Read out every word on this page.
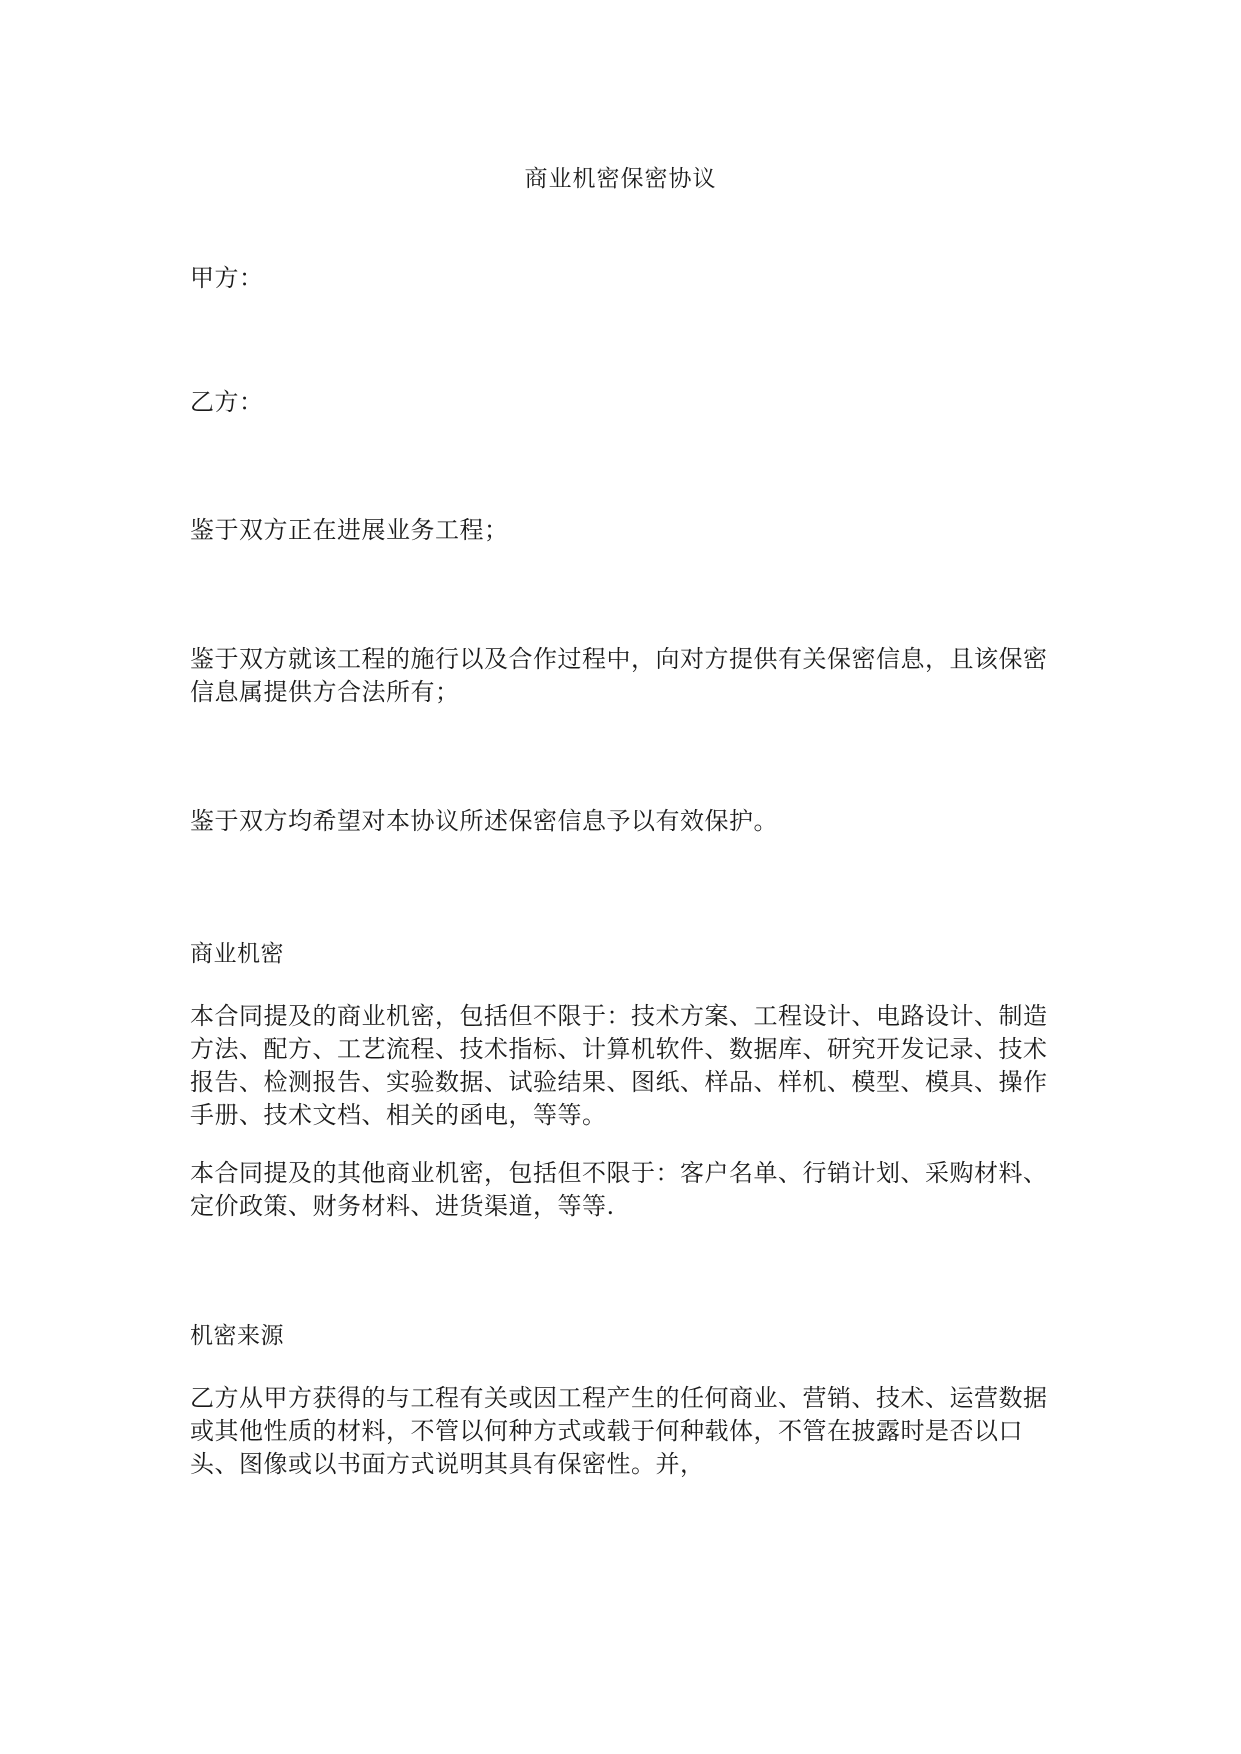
商业机密保密协议

甲方：

乙方：

鉴于双方正在进展业务工程；

鉴于双方就该工程的施行以及合作过程中，向对方提供有关保密信息，且该保密信息属提供方合法所有；

鉴于双方均希望对本协议所述保密信息予以有效保护。

商业机密

本合同提及的商业机密，包括但不限于：技术方案、工程设计、电路设计、制造方法、配方、工艺流程、技术指标、计算机软件、数据库、研究开发记录、技术报告、检测报告、实验数据、试验结果、图纸、样品、样机、模型、模具、操作手册、技术文档、相关的函电，等等。

本合同提及的其他商业机密，包括但不限于：客户名单、行销计划、采购材料、定价政策、财务材料、进货渠道，等等.

机密来源

乙方从甲方获得的与工程有关或因工程产生的任何商业、营销、技术、运营数据或其他性质的材料，不管以何种方式或载于何种载体，不管在披露时是否以口头、图像或以书面方式说明其具有保密性。并，
